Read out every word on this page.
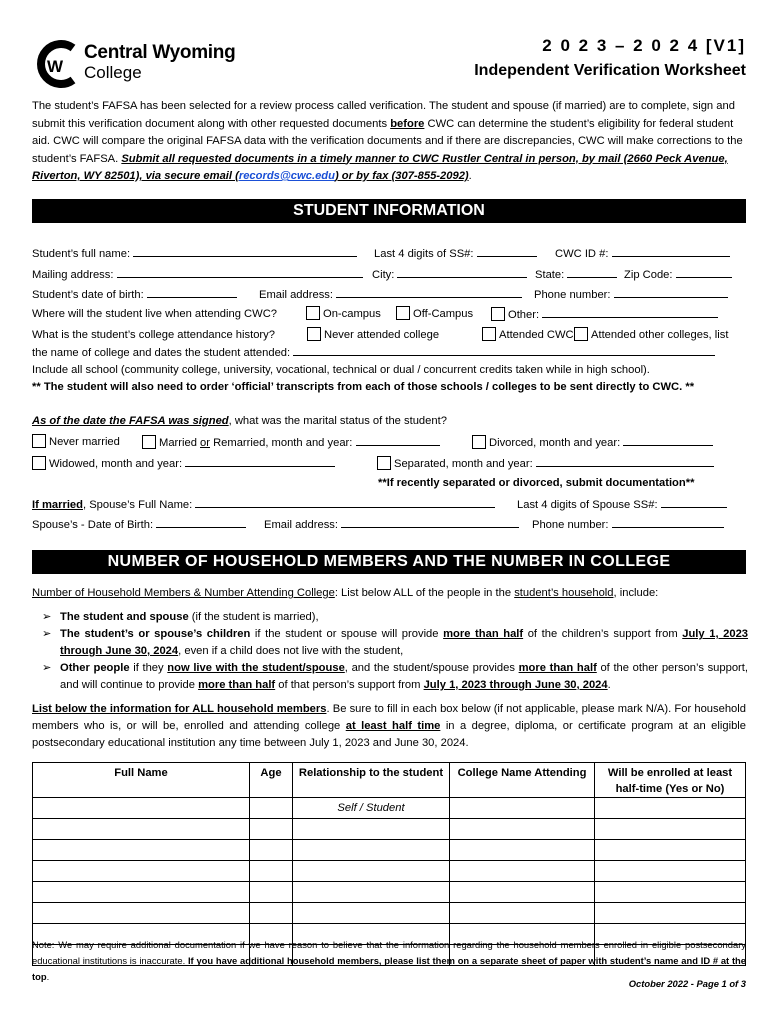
W
Central Wyoming
College
2 0 2 3 – 2 0 2 4 [V1]
Independent Verification Worksheet
The student’s FAFSA has been selected for a review process called verification. The student and spouse (if married) are to complete, sign and submit this verification document along with other requested documents before CWC can determine the student’s eligibility for federal student aid. CWC will compare the original FAFSA data with the verification documents and if there are discrepancies, CWC will make corrections to the student’s FAFSA. Submit all requested documents in a timely manner to CWC Rustler Central in person, by mail (2660 Peck Avenue, Riverton, WY 82501), via secure email (records@cwc.edu) or by fax (307-855-2092).
STUDENT INFORMATION
Student’s full name:	Last 4 digits of SS#:	CWC ID #:
Mailing address:	City:	State:	Zip Code:
Student’s date of birth:	Email address:	Phone number:
Where will the student live when attending CWC?	On-campus	Off-Campus	Other:
What is the student’s college attendance history?	Never attended college	Attended CWC	Attended other colleges, list
the name of college and dates the student attended:
Include all school (community college, university, vocational, technical or dual / concurrent credits taken while in high school).
** The student will also need to order ‘official’ transcripts from each of those schools / colleges to be sent directly to CWC. **
As of the date the FAFSA was signed, what was the marital status of the student?
Never married	Married or Remarried, month and year:	Divorced, month and year:
Widowed, month and year:	Separated, month and year:
**If recently separated or divorced, submit documentation**
If married, Spouse’s Full Name:	Last 4 digits of Spouse SS#:
Spouse’s - Date of Birth:	Email address:	Phone number:
NUMBER OF HOUSEHOLD MEMBERS AND THE NUMBER IN COLLEGE
Number of Household Members & Number Attending College: List below ALL of the people in the student’s household, include:
➢ The student and spouse (if the student is married),
➢ The student’s or spouse’s children if the student or spouse will provide more than half of the children’s support from July 1, 2023 through June 30, 2024, even if a child does not live with the student,
➢ Other people if they now live with the student/spouse, and the student/spouse provides more than half of the other person’s support, and will continue to provide more than half of that person’s support from July 1, 2023 through June 30, 2024.
List below the information for ALL household members. Be sure to fill in each box below (if not applicable, please mark N/A). For household members who is, or will be, enrolled and attending college at least half time in a degree, diploma, or certificate program at an eligible postsecondary educational institution any time between July 1, 2023 and June 30, 2024.
Full Name	Age	Relationship to the student	College Name Attending	Will be enrolled at least half-time (Yes or No)
		Self / Student		

Note: We may require additional documentation if we have reason to believe that the information regarding the household members enrolled in eligible postsecondary educational institutions is inaccurate. If you have additional household members, please list them on a separate sheet of paper with student’s name and ID # at the top.
October 2022 - Page 1 of 3
